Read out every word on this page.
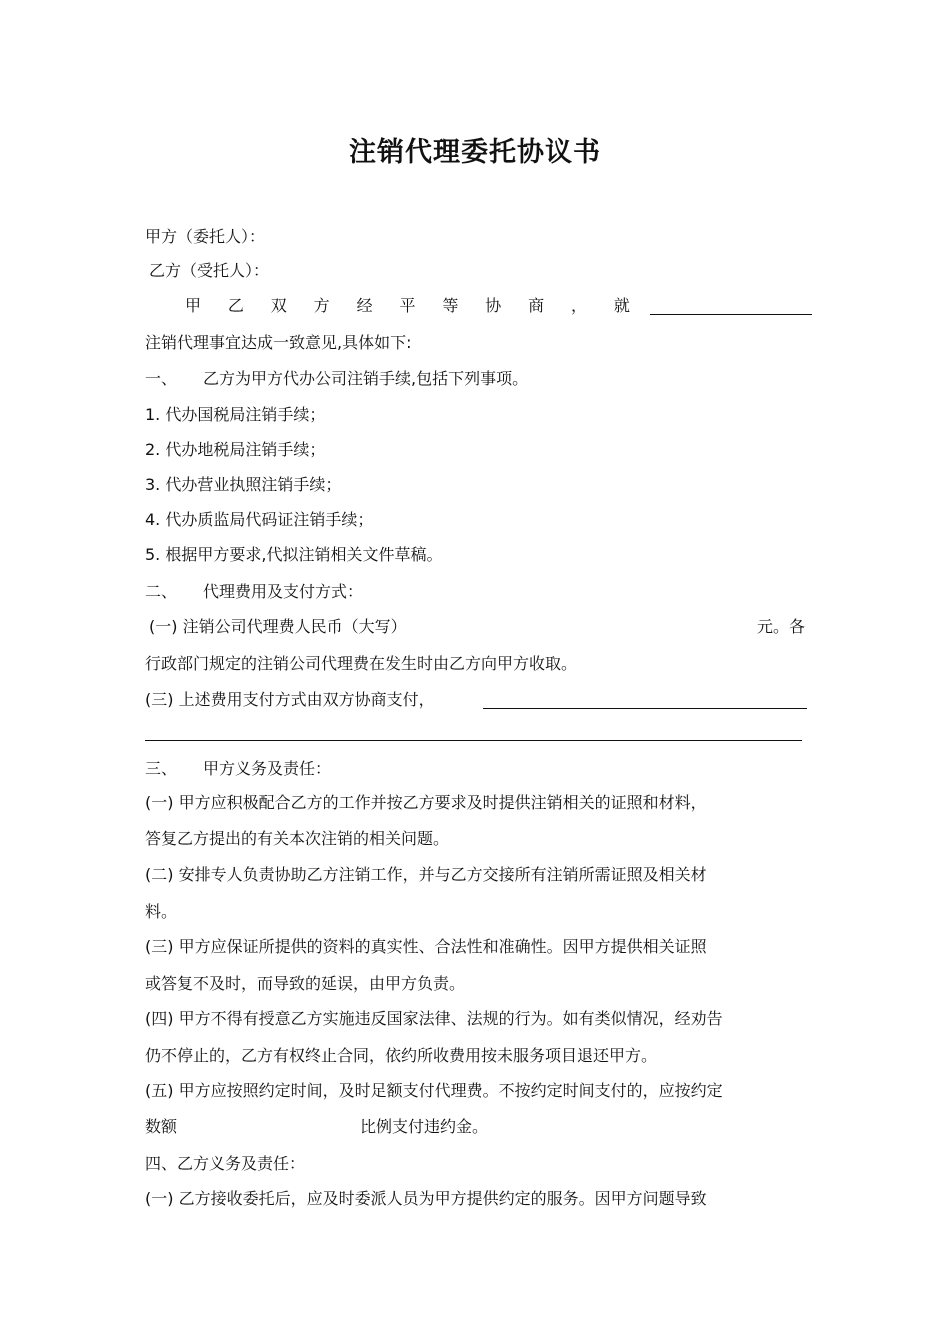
注销代理委托协议书
甲方（委托人）：
乙方（受托人）：
甲 乙 双 方 经 平 等 协 商 ， 就
注销代理事宜达成一致意见,具体如下:
一、 乙方为甲方代办公司注销手续,包括下列事项。
1. 代办国税局注销手续；
2. 代办地税局注销手续；
3. 代办营业执照注销手续；
4. 代办质监局代码证注销手续；
5. 根据甲方要求,代拟注销相关文件草稿。
二、 代理费用及支付方式：
(一) 注销公司代理费人民币（大写）	元。各
行政部门规定的注销公司代理费在发生时由乙方向甲方收取。
(三) 上述费用支付方式由双方协商支付，
三、 甲方义务及责任：
(一) 甲方应积极配合乙方的工作并按乙方要求及时提供注销相关的证照和材料，
答复乙方提出的有关本次注销的相关问题。
(二) 安排专人负责协助乙方注销工作，并与乙方交接所有注销所需证照及相关材
料。
(三) 甲方应保证所提供的资料的真实性、合法性和准确性。因甲方提供相关证照
或答复不及时，而导致的延误，由甲方负责。
(四) 甲方不得有授意乙方实施违反国家法律、法规的行为。如有类似情况，经劝告
仍不停止的，乙方有权终止合同，依约所收费用按未服务项目退还甲方。
(五) 甲方应按照约定时间，及时足额支付代理费。不按约定时间支付的，应按约定
数额	比例支付违约金。
四、乙方义务及责任：
(一) 乙方接收委托后，应及时委派人员为甲方提供约定的服务。因甲方问题导致
